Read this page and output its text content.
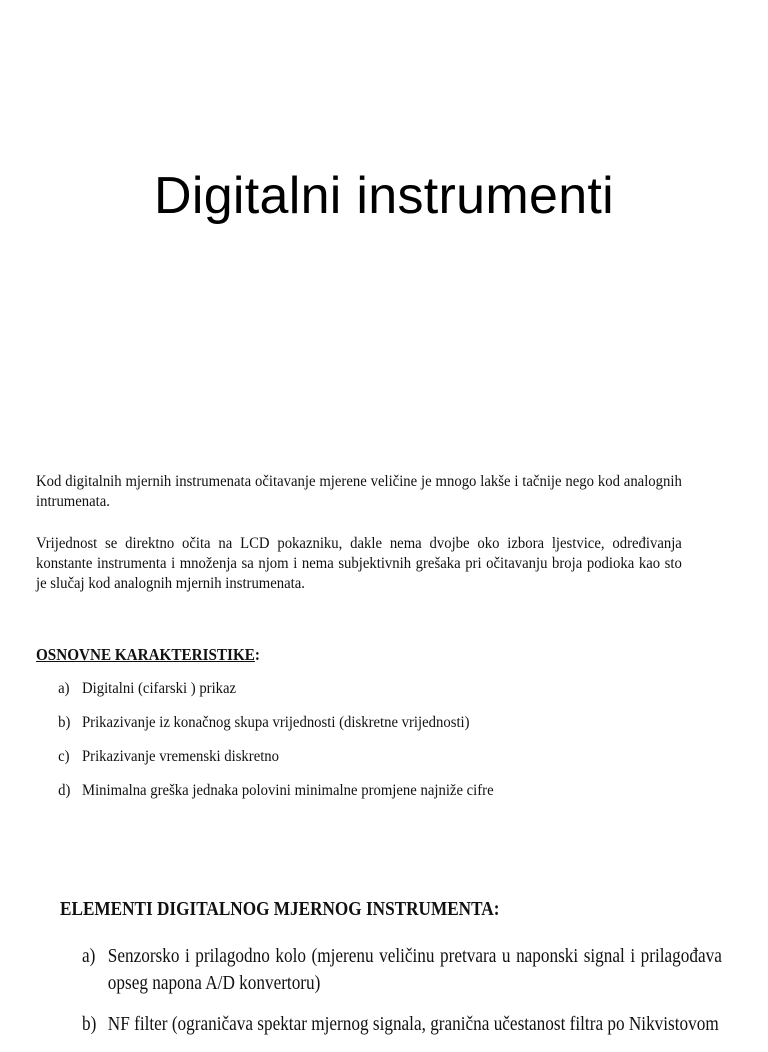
Digitalni instrumenti
Kod digitalnih mjernih instrumenata očitavanje mjerene veličine je mnogo lakše i tačnije nego kod analognih intrumenata.
Vrijednost se direktno očita na LCD pokazniku, dakle nema dvojbe oko izbora ljestvice, određivanja konstante instrumenta i množenja sa njom i nema subjektivnih grešaka pri očitavanju broja podioka kao sto je slučaj kod analognih mjernih instrumenata.
OSNOVNE KARAKTERISTIKE:
a) Digitalni (cifarski ) prikaz
b) Prikazivanje iz konačnog skupa vrijednosti (diskretne vrijednosti)
c) Prikazivanje vremenski diskretno
d) Minimalna greška jednaka polovini minimalne promjene najniže cifre
ELEMENTI DIGITALNOG MJERNOG INSTRUMENTA:
a) Senzorsko i prilagodno kolo (mjerenu veličinu pretvara u naponski signal i prilagođava opseg napona A/D konvertoru)
b) NF filter (ograničava spektar mjernog signala, granična učestanost filtra po Nikvistovom
